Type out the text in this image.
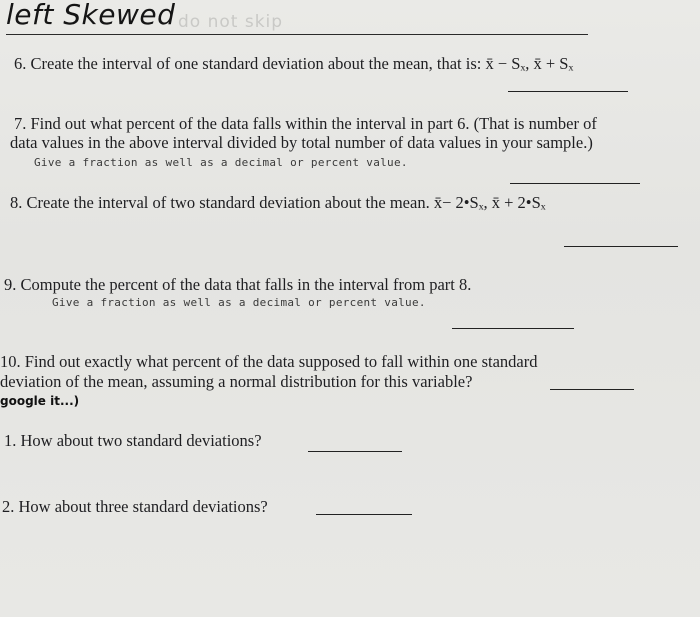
left Skewed do not skip
6. Create the interval of one standard deviation about the mean, that is: x̄ − Sₓ, x̄ + Sₓ
7. Find out what percent of the data falls within the interval in part 6. (That is number of
data values in the above interval divided by total number of data values in your sample.)
Give a fraction as well as a decimal or percent value.
8. Create the interval of two standard deviation about the mean. x̄− 2•Sₓ, x̄ + 2•Sₓ
9. Compute the percent of the data that falls in the interval from part 8.
Give a fraction as well as a decimal or percent value.
10. Find out exactly what percent of the data supposed to fall within one standard
deviation of the mean, assuming a normal distribution for this variable?
google it...)
1. How about two standard deviations?
2. How about three standard deviations?
